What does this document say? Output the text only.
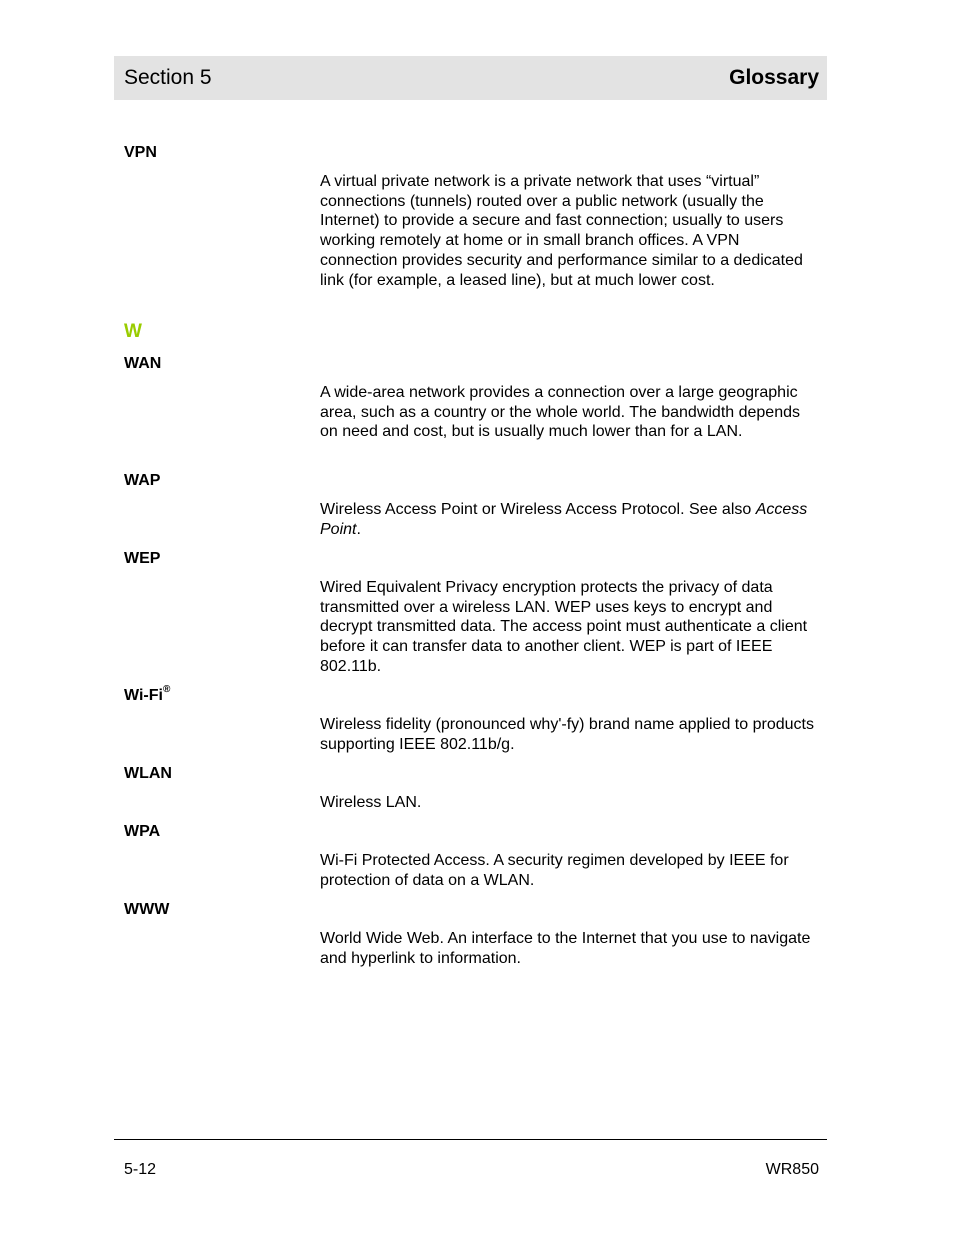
Section 5	Glossary
VPN

A virtual private network is a private network that uses “virtual” connections (tunnels) routed over a public network (usually the Internet) to provide a secure and fast connection; usually to users working remotely at home or in small branch offices. A VPN connection provides security and performance similar to a dedicated link (for example, a leased line), but at much lower cost.

W
WAN

A wide-area network provides a connection over a large geographic area, such as a country or the whole world. The bandwidth depends on need and cost, but is usually much lower than for a LAN.

WAP

Wireless Access Point or Wireless Access Protocol. See also Access Point.

WEP

Wired Equivalent Privacy encryption protects the privacy of data transmitted over a wireless LAN. WEP uses keys to encrypt and decrypt transmitted data. The access point must authenticate a client before it can transfer data to another client. WEP is part of IEEE 802.11b.

Wi-Fi®

Wireless fidelity (pronounced why'-fy) brand name applied to products supporting IEEE 802.11b/g.

WLAN

Wireless LAN.

WPA

Wi-Fi Protected Access. A security regimen developed by IEEE for protection of data on a WLAN.

WWW

World Wide Web. An interface to the Internet that you use to navigate and hyperlink to information.

5-12	WR850
